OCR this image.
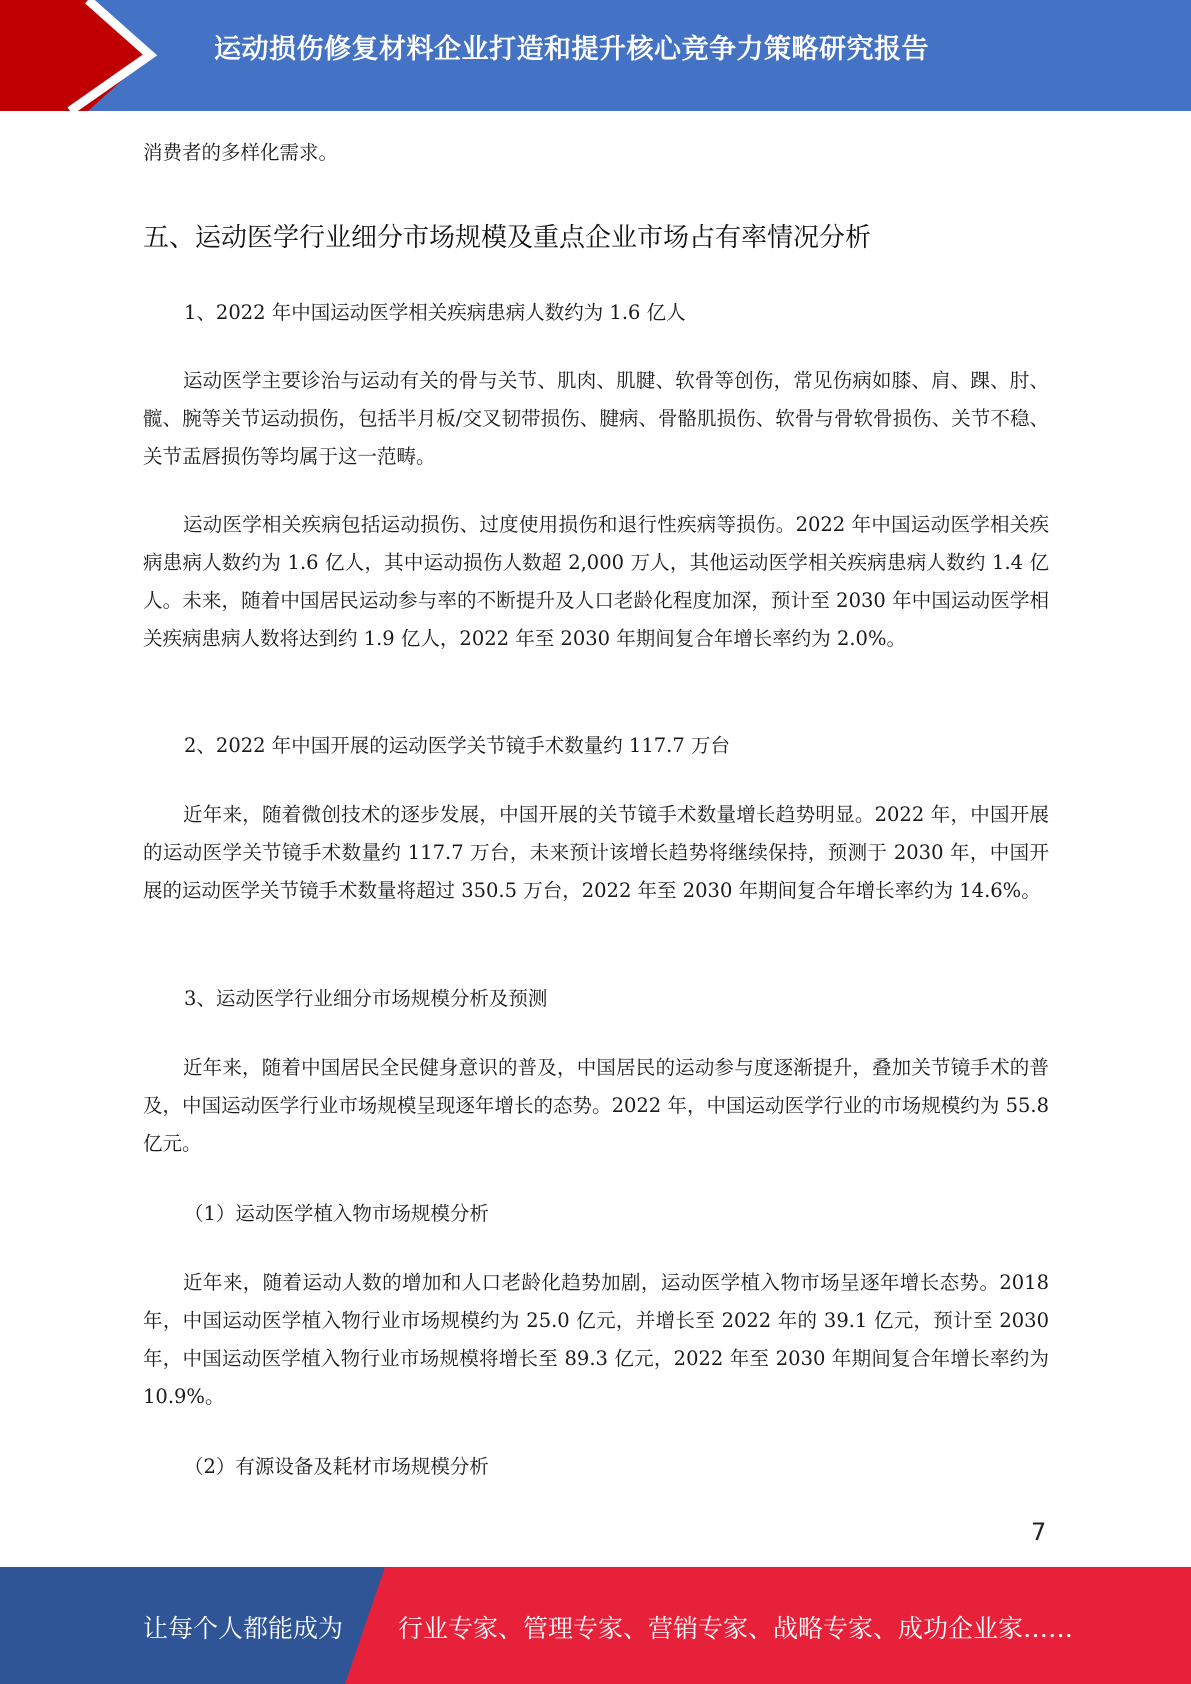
运动损伤修复材料企业打造和提升核心竞争力策略研究报告
消费者的多样化需求。
五、运动医学行业细分市场规模及重点企业市场占有率情况分析
1、2022 年中国运动医学相关疾病患病人数约为 1.6 亿人
运动医学主要诊治与运动有关的骨与关节、肌肉、肌腱、软骨等创伤，常见伤病如膝、肩、踝、肘、髋、腕等关节运动损伤，包括半月板/交叉韧带损伤、腱病、骨骼肌损伤、软骨与骨软骨损伤、关节不稳、关节盂唇损伤等均属于这一范畴。
运动医学相关疾病包括运动损伤、过度使用损伤和退行性疾病等损伤。2022 年中国运动医学相关疾病患病人数约为 1.6 亿人，其中运动损伤人数超 2,000 万人，其他运动医学相关疾病患病人数约 1.4 亿人。未来，随着中国居民运动参与率的不断提升及人口老龄化程度加深，预计至 2030 年中国运动医学相关疾病患病人数将达到约 1.9 亿人，2022 年至 2030 年期间复合年增长率约为 2.0%。
2、2022 年中国开展的运动医学关节镜手术数量约 117.7 万台
近年来，随着微创技术的逐步发展，中国开展的关节镜手术数量增长趋势明显。2022 年，中国开展的运动医学关节镜手术数量约 117.7 万台，未来预计该增长趋势将继续保持，预测于 2030 年，中国开展的运动医学关节镜手术数量将超过 350.5 万台，2022 年至 2030 年期间复合年增长率约为 14.6%。
3、运动医学行业细分市场规模分析及预测
近年来，随着中国居民全民健身意识的普及，中国居民的运动参与度逐渐提升，叠加关节镜手术的普及，中国运动医学行业市场规模呈现逐年增长的态势。2022 年，中国运动医学行业的市场规模约为 55.8 亿元。
（1）运动医学植入物市场规模分析
近年来，随着运动人数的增加和人口老龄化趋势加剧，运动医学植入物市场呈逐年增长态势。2018 年，中国运动医学植入物行业市场规模约为 25.0 亿元，并增长至 2022 年的 39.1 亿元，预计至 2030 年，中国运动医学植入物行业市场规模将增长至 89.3 亿元，2022 年至 2030 年期间复合年增长率约为 10.9%。
（2）有源设备及耗材市场规模分析
7
让每个人都能成为 行业专家、管理专家、营销专家、战略专家、成功企业家……
